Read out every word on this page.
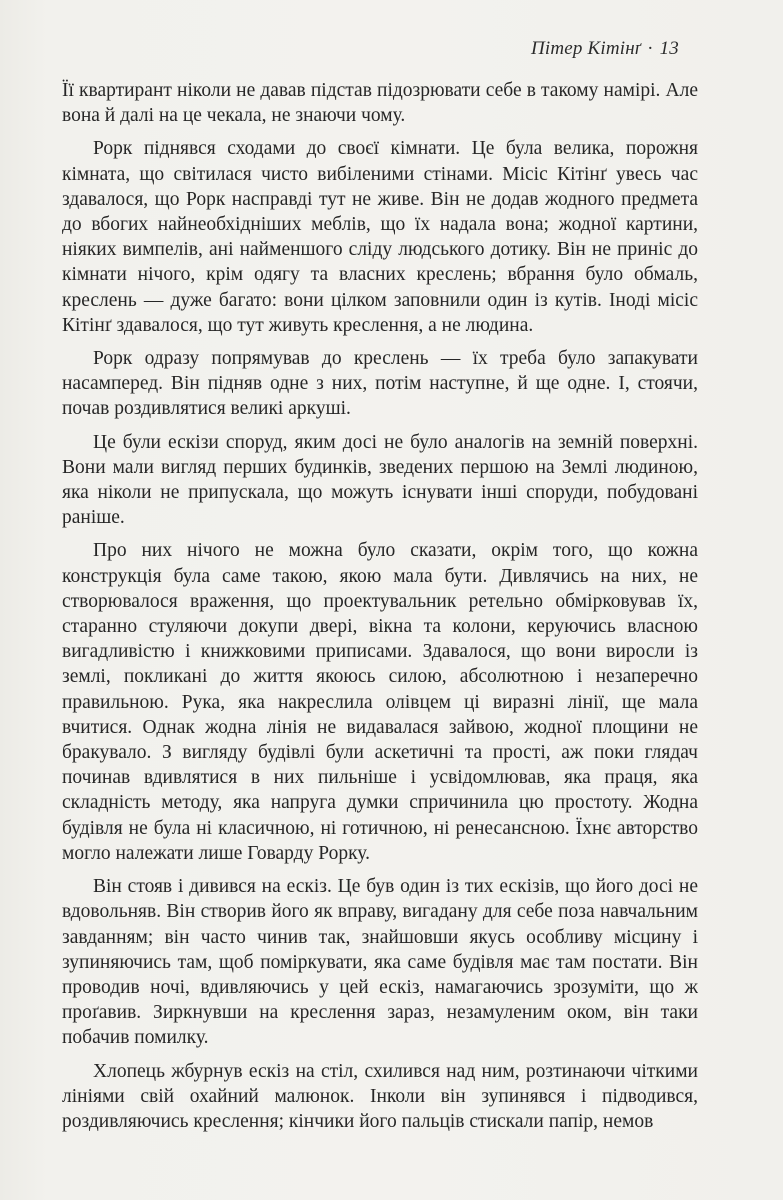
Пітер Кітінґ · 13

Її квартирант ніколи не давав підстав підозрювати себе в такому намірі. Але вона й далі на це чекала, не знаючи чому.

Рорк піднявся сходами до своєї кімнати. Це була велика, порожня кімната, що світилася чисто вибіленими стінами. Місіс Кітінґ увесь час здавалося, що Рорк насправді тут не живе. Він не додав жодного предмета до вбогих найнеобхідніших меблів, що їх надала вона; жодної картини, ніяких вимпелів, ані найменшого сліду людського дотику. Він не приніс до кімнати нічого, крім одягу та власних креслень; вбрання було обмаль, креслень — дуже багато: вони цілком заповнили один із кутів. Іноді місіс Кітінґ здавалося, що тут живуть креслення, а не людина.

Рорк одразу попрямував до креслень — їх треба було запакувати насамперед. Він підняв одне з них, потім наступне, й ще одне. І, стоячи, почав роздивлятися великі аркуші.

Це були ескізи споруд, яким досі не було аналогів на земній поверхні. Вони мали вигляд перших будинків, зведених першою на Землі людиною, яка ніколи не припускала, що можуть існувати інші споруди, побудовані раніше.

Про них нічого не можна було сказати, окрім того, що кожна конструкція була саме такою, якою мала бути. Дивлячись на них, не створювалося враження, що проектувальник ретельно обмірковував їх, старанно стуляючи докупи двері, вікна та колони, керуючись власною вигадливістю і книжковими приписами. Здавалося, що вони виросли із землі, покликані до життя якоюсь силою, абсолютною і незаперечно правильною. Рука, яка накреслила олівцем ці виразні лінії, ще мала вчитися. Однак жодна лінія не видавалася зайвою, жодної площини не бракувало. З вигляду будівлі були аскетичні та прості, аж поки глядач починав вдивлятися в них пильніше і усвідомлював, яка праця, яка складність методу, яка напруга думки спричинила цю простоту. Жодна будівля не була ні класичною, ні готичною, ні ренесансною. Їхнє авторство могло належати лише Говарду Рорку.

Він стояв і дивився на ескіз. Це був один із тих ескізів, що його досі не вдовольняв. Він створив його як вправу, вигадану для себе поза навчальним завданням; він часто чинив так, знайшовши якусь особливу місцину і зупиняючись там, щоб поміркувати, яка саме будівля має там постати. Він проводив ночі, вдивляючись у цей ескіз, намагаючись зрозуміти, що ж проґавив. Зиркнувши на креслення зараз, незамуленим оком, він таки побачив помилку.

Хлопець жбурнув ескіз на стіл, схилився над ним, розтинаючи чіткими лініями свій охайний малюнок. Інколи він зупинявся і підводився, роздивляючись креслення; кінчики його пальців стискали папір, немов
